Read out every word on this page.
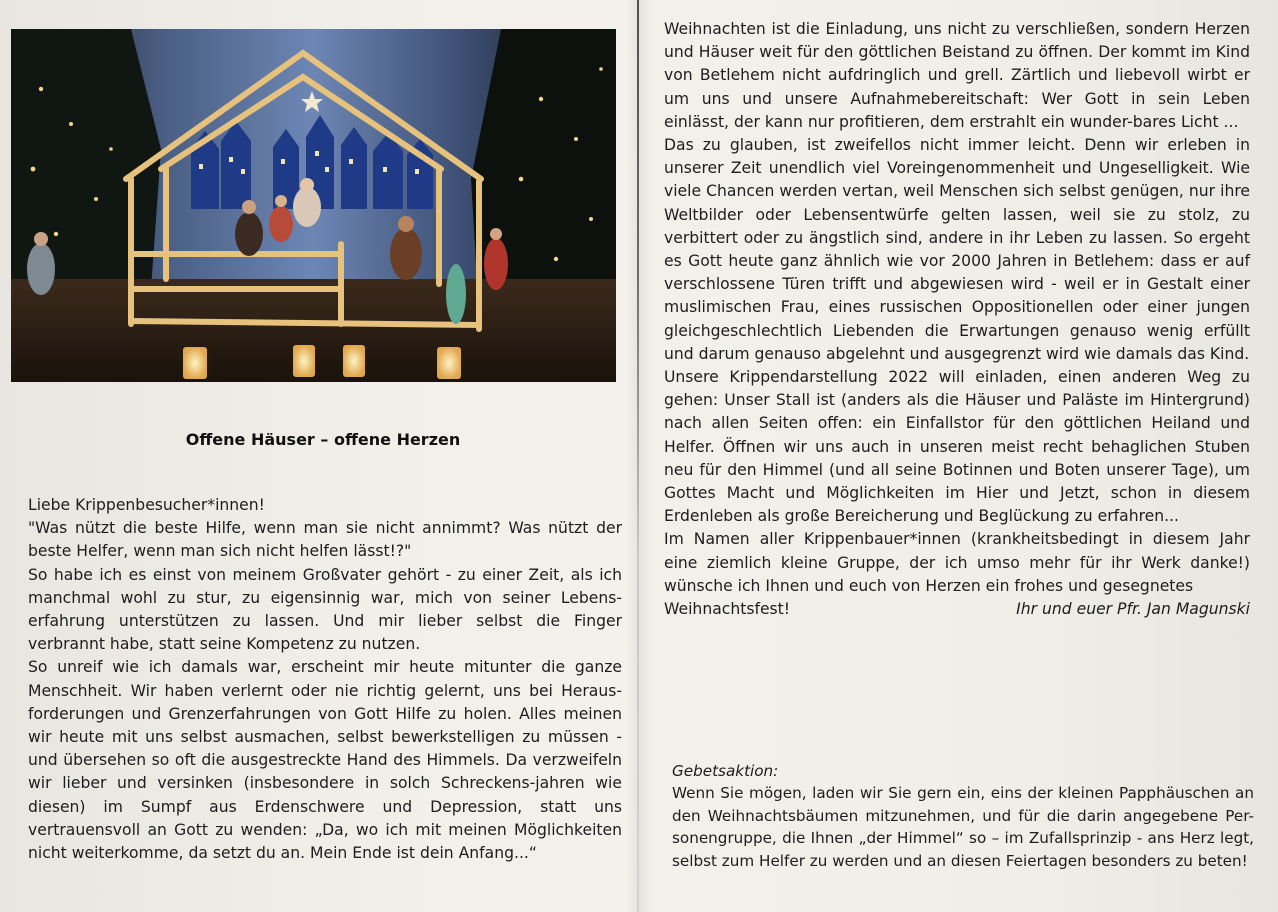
Offene Häuser – offene Herzen

Liebe Krippenbesucher*innen!

"Was nützt die beste Hilfe, wenn man sie nicht annimmt? Was nützt der beste Helfer, wenn man sich nicht helfen lässt!?"

So habe ich es einst von meinem Großvater gehört - zu einer Zeit, als ich manchmal wohl zu stur, zu eigensinnig war, mich von seiner Lebens-erfahrung unterstützen zu lassen. Und mir lieber selbst die Finger verbrannt habe, statt seine Kompetenz zu nutzen.

So unreif wie ich damals war, erscheint mir heute mitunter die ganze Menschheit. Wir haben verlernt oder nie richtig gelernt, uns bei Heraus-forderungen und Grenzerfahrungen von Gott Hilfe zu holen. Alles meinen wir heute mit uns selbst ausmachen, selbst bewerkstelligen zu müssen - und übersehen so oft die ausgestreckte Hand des Himmels. Da verzweifeln wir lieber und versinken (insbesondere in solch Schreckens-jahren wie diesen) im Sumpf aus Erdenschwere und Depression, statt uns vertrauensvoll an Gott zu wenden: „Da, wo ich mit meinen Möglichkeiten nicht weiterkomme, da setzt du an. Mein Ende ist dein Anfang...“

Weihnachten ist die Einladung, uns nicht zu verschließen, sondern Herzen und Häuser weit für den göttlichen Beistand zu öffnen. Der kommt im Kind von Betlehem nicht aufdringlich und grell. Zärtlich und liebevoll wirbt er um uns und unsere Aufnahmebereitschaft: Wer Gott in sein Leben einlässt, der kann nur profitieren, dem erstrahlt ein wunder-bares Licht ...

Das zu glauben, ist zweifellos nicht immer leicht. Denn wir erleben in unserer Zeit unendlich viel Voreingenommenheit und Ungeselligkeit. Wie viele Chancen werden vertan, weil Menschen sich selbst genügen, nur ihre Weltbilder oder Lebensentwürfe gelten lassen, weil sie zu stolz, zu verbittert oder zu ängstlich sind, andere in ihr Leben zu lassen. So ergeht es Gott heute ganz ähnlich wie vor 2000 Jahren in Betlehem: dass er auf verschlossene Türen trifft und abgewiesen wird - weil er in Gestalt einer muslimischen Frau, eines russischen Oppositionellen oder einer jungen gleichgeschlechtlich Liebenden die Erwartungen genauso wenig erfüllt und darum genauso abgelehnt und ausgegrenzt wird wie damals das Kind.

Unsere Krippendarstellung 2022 will einladen, einen anderen Weg zu gehen: Unser Stall ist (anders als die Häuser und Paläste im Hintergrund) nach allen Seiten offen: ein Einfallstor für den göttlichen Heiland und Helfer. Öffnen wir uns auch in unseren meist recht behaglichen Stuben neu für den Himmel (und all seine Botinnen und Boten unserer Tage), um Gottes Macht und Möglichkeiten im Hier und Jetzt, schon in diesem Erdenleben als große Bereicherung und Beglückung zu erfahren...

Im Namen aller Krippenbauer*innen (krankheitsbedingt in diesem Jahr eine ziemlich kleine Gruppe, der ich umso mehr für ihr Werk danke!) wünsche ich Ihnen und euch von Herzen ein frohes und gesegnetes

Weihnachtsfest!	Ihr und euer Pfr. Jan Magunski

Gebetsaktion:

Wenn Sie mögen, laden wir Sie gern ein, eins der kleinen Papphäuschen an den Weihnachtsbäumen mitzunehmen, und für die darin angegebene Per-sonengruppe, die Ihnen „der Himmel“ so – im Zufallsprinzip - ans Herz legt, selbst zum Helfer zu werden und an diesen Feiertagen besonders zu beten!
